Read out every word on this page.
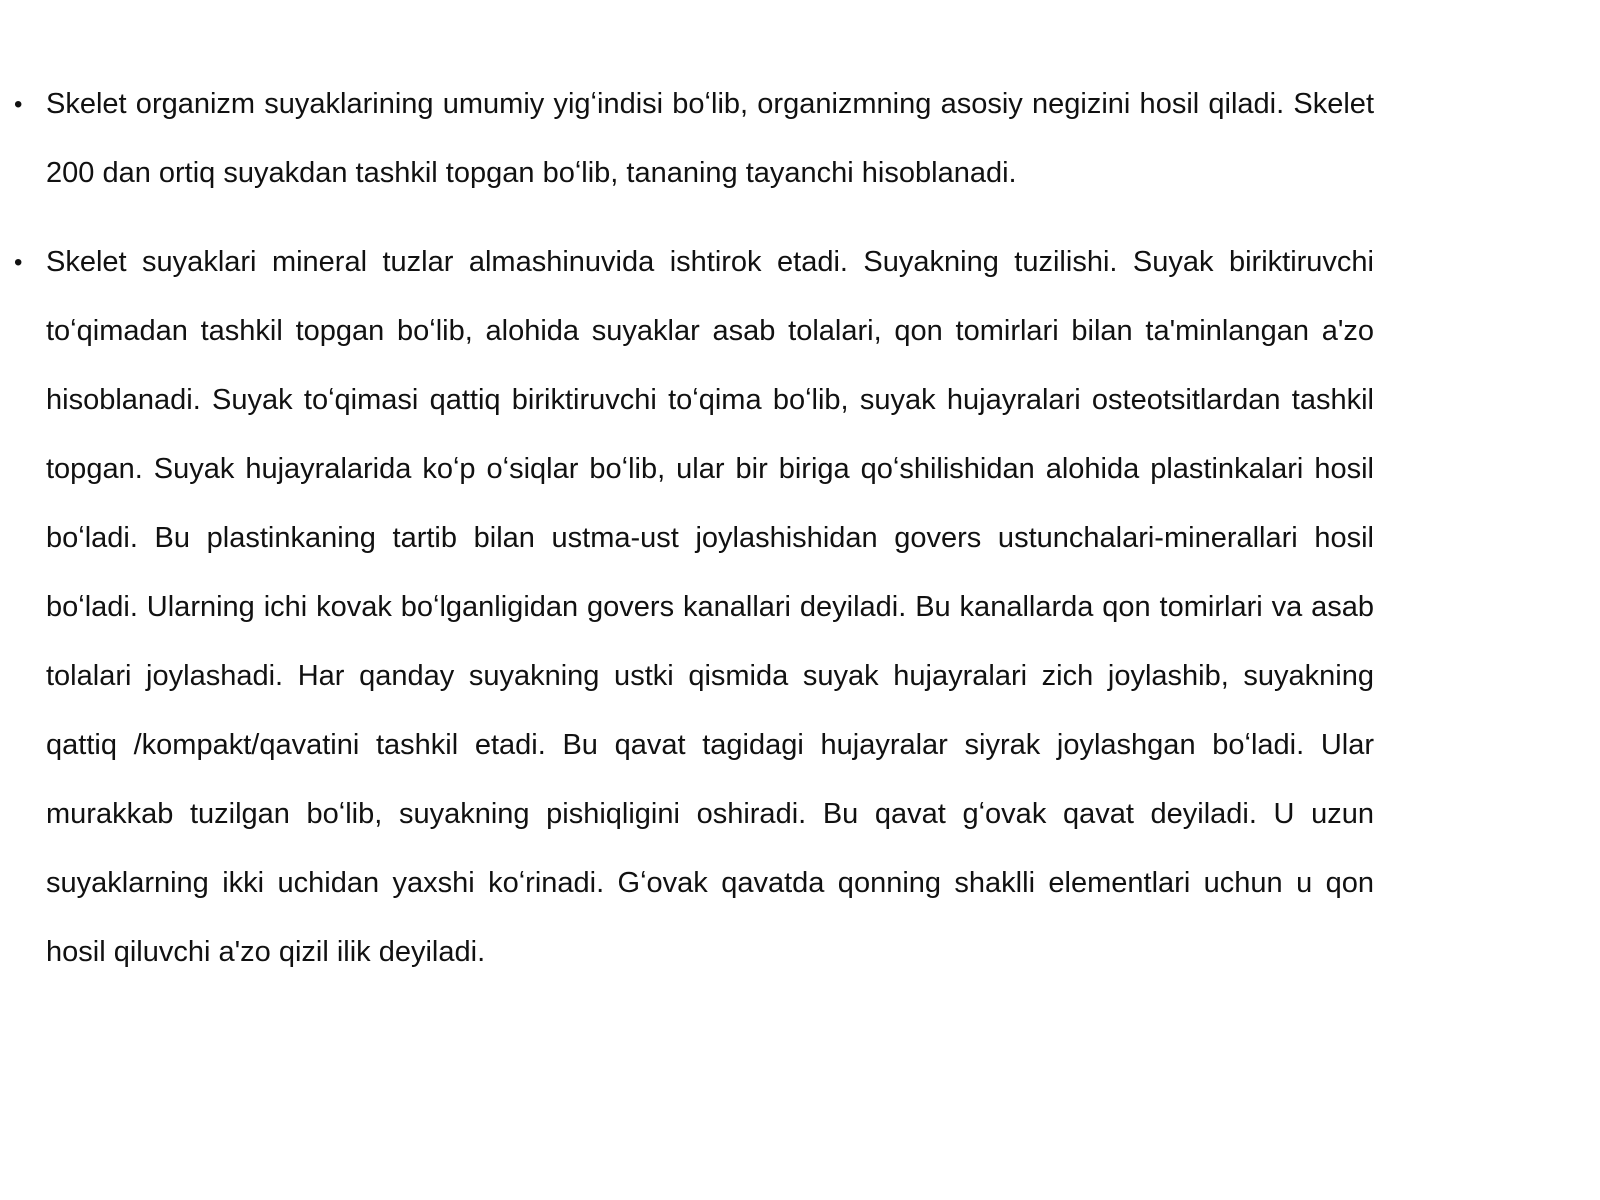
• Skelet organizm suyaklarining umumiy yigʻindisi boʻlib, organizmning asosiy negizini hosil qiladi. Skelet 200 dan ortiq suyakdan tashkil topgan boʻlib, tananing tayanchi hisoblanadi.
• Skelet suyaklari mineral tuzlar almashinuvida ishtirok etadi. Suyakning tuzilishi. Suyak biriktiruvchi toʻqimadan tashkil topgan boʻlib, alohida suyaklar asab tolalari, qon tomirlari bilan ta'minlangan a'zo hisoblanadi. Suyak toʻqimasi qattiq biriktiruvchi toʻqima boʻlib, suyak hujayralari osteotsitlardan tashkil topgan. Suyak hujayralarida koʻp oʻsiqlar boʻlib, ular bir biriga qoʻshilishidan alohida plastinkalari hosil boʻladi. Bu plastinkaning tartib bilan ustma-ust joylashishidan govers ustunchalari-minerallari hosil boʻladi. Ularning ichi kovak boʻlganligidan govers kanallari deyiladi. Bu kanallarda qon tomirlari va asab tolalari joylashadi. Har qanday suyakning ustki qismida suyak hujayralari zich joylashib, suyakning qattiq /kompakt/qavatini tashkil etadi. Bu qavat tagidagi hujayralar siyrak joylashgan boʻladi. Ular murakkab tuzilgan boʻlib, suyakning pishiqligini oshiradi. Bu qavat gʻovak qavat deyiladi. U uzun suyaklarning ikki uchidan yaxshi koʻrinadi. Gʻovak qavatda qonning shaklli elementlari uchun u qon hosil qiluvchi a'zo qizil ilik deyiladi.
